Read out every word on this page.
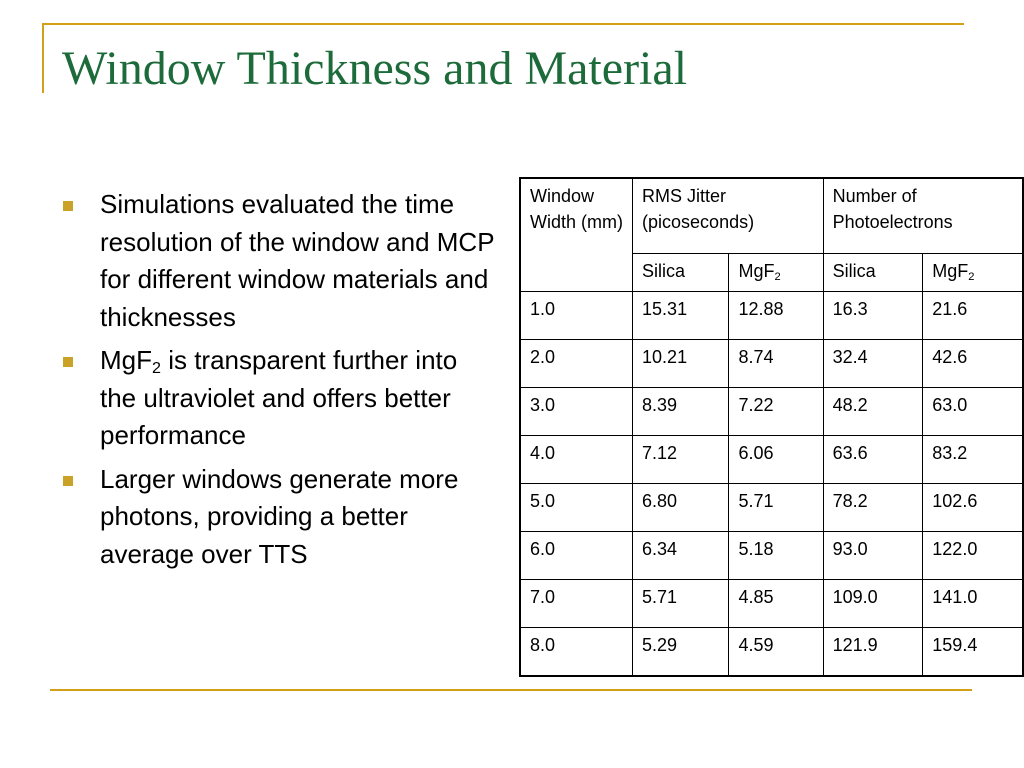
Window Thickness and Material
Simulations evaluated the time resolution of the window and MCP for different window materials and thicknesses
MgF$_2$ is transparent further into the ultraviolet and offers better performance
Larger windows generate more photons, providing a better average over TTS
Window Width (mm)	RMS Jitter (picoseconds)		Number of Photoelectrons	
	Silica	MgF$_2$	Silica	MgF$_2$
1.0	15.31	12.88	16.3	21.6
2.0	10.21	8.74	32.4	42.6
3.0	8.39	7.22	48.2	63.0
4.0	7.12	6.06	63.6	83.2
5.0	6.80	5.71	78.2	102.6
6.0	6.34	5.18	93.0	122.0
7.0	5.71	4.85	109.0	141.0
8.0	5.29	4.59	121.9	159.4
